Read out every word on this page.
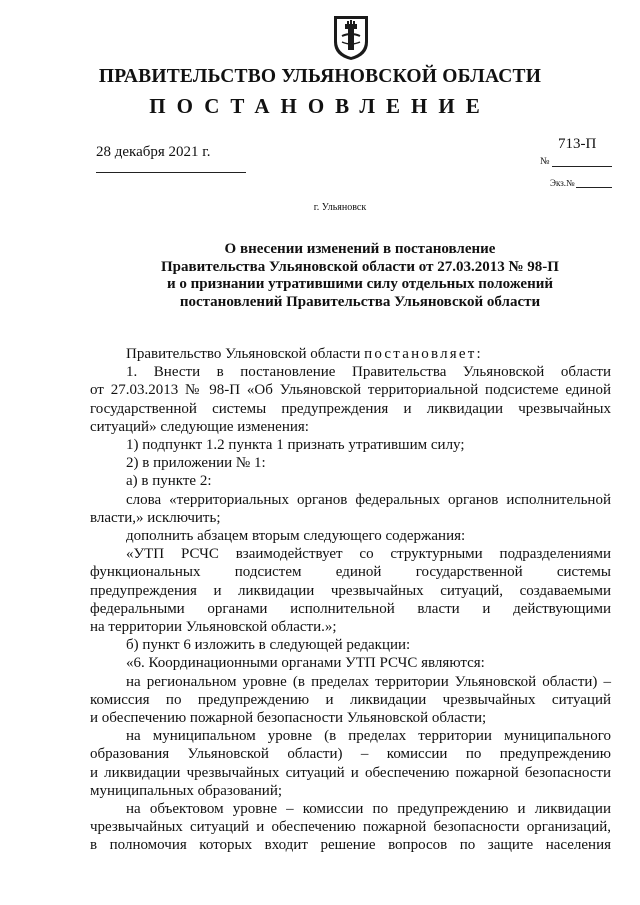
ПРАВИТЕЛЬСТВО УЛЬЯНОВСКОЙ ОБЛАСТИ
ПОСТАНОВЛЕНИЕ
28 декабря 2021 г.	713-П
№
Экз.№
г. Ульяновск
О внесении изменений в постановление
Правительства Ульяновской области от 27.03.2013 № 98-П
и о признании утратившими силу отдельных положений
постановлений Правительства Ульяновской области
Правительство Ульяновской области постановляет:
1. Внести в постановление Правительства Ульяновской области
от 27.03.2013 № 98-П «Об Ульяновской территориальной подсистеме единой
государственной системы предупреждения и ликвидации чрезвычайных
ситуаций» следующие изменения:
1) подпункт 1.2 пункта 1 признать утратившим силу;
2) в приложении № 1:
а) в пункте 2:
слова «территориальных органов федеральных органов исполнительной
власти,» исключить;
дополнить абзацем вторым следующего содержания:
«УТП РСЧС взаимодействует со структурными подразделениями
функциональных подсистем единой государственной системы
предупреждения и ликвидации чрезвычайных ситуаций, создаваемыми
федеральными органами исполнительной власти и действующими
на территории Ульяновской области.»;
б) пункт 6 изложить в следующей редакции:
«6. Координационными органами УТП РСЧС являются:
на региональном уровне (в пределах территории Ульяновской области) –
комиссия по предупреждению и ликвидации чрезвычайных ситуаций
и обеспечению пожарной безопасности Ульяновской области;
на муниципальном уровне (в пределах территории муниципального
образования Ульяновской области) – комиссии по предупреждению
и ликвидации чрезвычайных ситуаций и обеспечению пожарной безопасности
муниципальных образований;
на объектовом уровне – комиссии по предупреждению и ликвидации
чрезвычайных ситуаций и обеспечению пожарной безопасности организаций,
в полномочия которых входит решение вопросов по защите населения
